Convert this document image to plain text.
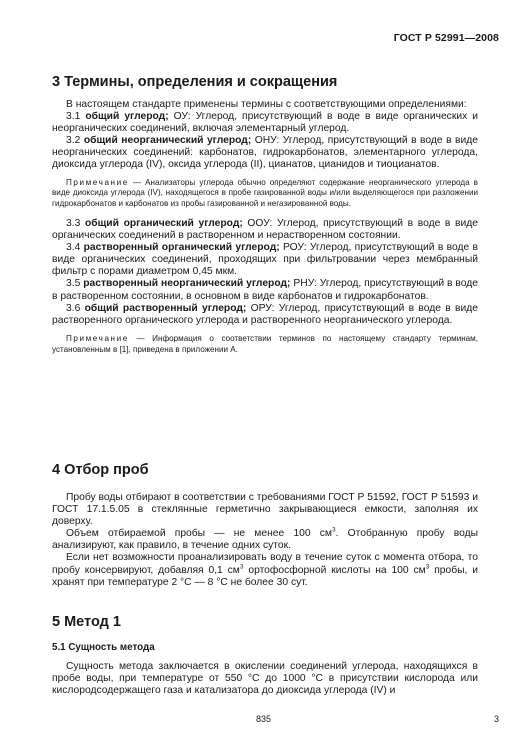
ГОСТ Р 52991—2008
3 Термины, определения и сокращения

В настоящем стандарте применены термины с соответствующими определениями:

3.1 общий углерод; ОУ: Углерод, присутствующий в воде в виде органических и неорганических соединений, включая элементарный углерод.

3.2 общий неорганический углерод; ОНУ: Углерод, присутствующий в воде в виде неорганических соединений: карбонатов, гидрокарбонатов, элементарного углерода, диоксида углерода (IV), оксида углерода (II), цианатов, цианидов и тиоцианатов.

Примечание — Анализаторы углерода обычно определяют содержание неорганического углерода в виде диоксида углерода (IV), находящегося в пробе газированной воды и/или выделяющегося при разложении гидрокарбонатов и карбонатов из пробы газированной и негазированной воды.

3.3 общий органический углерод; ООУ: Углерод, присутствующий в воде в виде органических соединений в растворенном и нерастворенном состоянии.

3.4 растворенный органический углерод; РОУ: Углерод, присутствующий в воде в виде органических соединений, проходящих при фильтровании через мембранный фильтр с порами диаметром 0,45 мкм.

3.5 растворенный неорганический углерод; РНУ: Углерод, присутствующий в воде в растворенном состоянии, в основном в виде карбонатов и гидрокарбонатов.

3.6 общий растворенный углерод; ОРУ: Углерод, присутствующий в воде в виде растворенного органического углерода и растворенного неорганического углерода.

Примечание — Информация о соответствии терминов по настоящему стандарту терминам, установленным в [1], приведена в приложении А.

4 Отбор проб

Пробу воды отбирают в соответствии с требованиями ГОСТ Р 51592, ГОСТ Р 51593 и ГОСТ 17.1.5.05 в стеклянные герметично закрывающиеся емкости, заполняя их доверху.

Объем отбираемой пробы — не менее 100 $см^3$. Отобранную пробу воды анализируют, как правило, в течение одних суток.

Если нет возможности проанализировать воду в течение суток с момента отбора, то пробу консервируют, добавляя 0,1 $см^3$ ортофосфорной кислоты на 100 $см^3$ пробы, и хранят при температуре 2 °С — 8 °С не более 30 сут.

5 Метод 1
5.1 Сущность метода

Сущность метода заключается в окислении соединений углерода, находящихся в пробе воды, при температуре от 550 °С до 1000 °С в присутствии кислорода или кислородсодержащего газа и катализатора до диоксида углерода (IV) и

835	3
